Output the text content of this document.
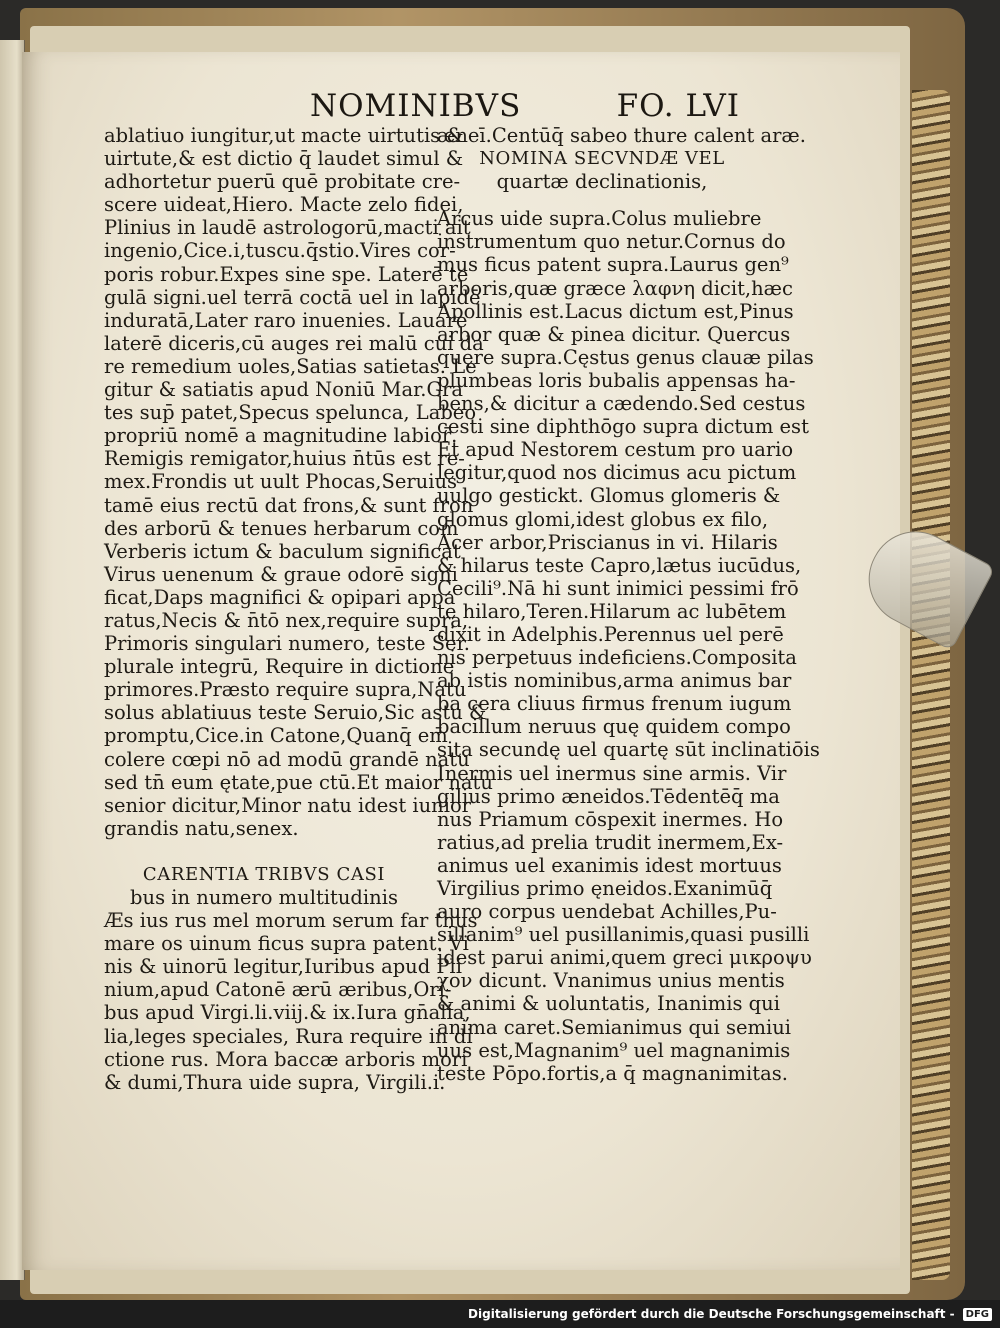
NOMINIBVS	FO. LVI
ablatiuo iungitur,ut macte uirtutis &
uirtute,& est dictio q̄ laudet simul &
adhortetur puerū quē probitate cre-
scere uideat,Hiero. Macte zelo fidei,
Plinius in laudē astrologorū,macti ait
ingenio,Cice.i,tuscu.q̄stio.Vires cor-
poris robur.Expes sine spe. Laterē te
gulā signi.uel terrā coctā uel in lapidē
induratā,Later raro inuenies. Lauare
laterē diceris,cū auges rei malū cui da
re remedium uoles,Satias satietas. Le
gitur & satiatis apud Noniū Mar.Gra
tes sup̄ patet,Specus spelunca, Labeo
propriū nomē a magnitudine labior̄.
Remigis remigator,huius n̄tūs est re-
mex.Frondis ut uult Phocas,Seruius
tamē eius rectū dat frons,& sunt fron
des arborū & tenues herbarum com̄
Verberis ictum & baculum significat
Virus uenenum & graue odorē signi
ficat,Daps magnifici & opipari appa
ratus,Necis & n̄tō nex,require supra,
Primoris singulari numero, teste Ser.
plurale integrū, Require in dictione
primores.Præsto require supra,Natu
solus ablatiuus teste Seruio,Sic astu &
promptu,Cice.in Catone,Quanq̄ em̄
colere cœpi nō ad modū grandē natu
sed tn̄ eum ętate,pue ctū.Et maior natu
senior dicitur,Minor natu idest iunior
grandis natu,senex.
CARENTIA TRIBVS CASI
bus in numero multitudinis
Æs ius rus mel morum serum far thus
mare os uinum ficus supra patent. Vi
nis & uinorū legitur,Iuribus apud Pli
nium,apud Catonē ærū æribus,Ori-
bus apud Virgi.li.viij.& ix.Iura gn̄alia,
lia,leges speciales, Rura require in di
ctione rus. Mora baccæ arboris mori
& dumi,Thura uide supra, Virgili.i.
æneī.Centūq̄ sabeo thure calent aræ.
NOMINA SECVNDÆ VEL
quartæ declinationis,
Arcus uide supra.Colus muliebre
instrumentum quo netur.Cornus do
mus ficus patent supra.Laurus gen⁹
arboris,quæ græce λαφνη dicit,hæc
Apollinis est.Lacus dictum est,Pinus
arbor quæ & pinea dicitur. Quercus
quęre supra.Cęstus genus clauæ pilas
plumbeas loris bubalis appensas ha-
bens,& dicitur a cædendo.Sed cestus
cesti sine diphthōgo supra dictum est
Et apud Nestorem cestum pro uario
legitur,quod nos dicimus acu pictum
uulgo gestickt. Glomus glomeris &
glomus glomi,idest globus ex filo,
Acer arbor,Priscianus in vi. Hilaris
& hilarus teste Capro,lætus iucūdus,
Cecili⁹.Nā hi sunt inimici pessimi frō
te hilaro,Teren.Hilarum ac lubētem
dixit in Adelphis.Perennus uel perē
nis perpetuus indeficiens.Composita
ab istis nominibus,arma animus bar
ba cera cliuus firmus frenum iugum
bacillum neruus quę quidem compo
sita secundę uel quartę sūt inclinatiōis
Inermis uel inermus sine armis. Vir
gilius primo æneidos.Tēdentēq̄ ma
nus Priamum cōspexit inermes. Ho
ratius,ad prelia trudit inermem,Ex-
animus uel exanimis idest mortuus
Virgilius primo ęneidos.Exanimūq̄
auro corpus uendebat Achilles,Pu-
sillanim⁹ uel pusillanimis,quasi pusilli
idest parui animi,quem greci μικροψυ
χον dicunt. Vnanimus unius mentis
& animi & uoluntatis, Inanimis qui
anima caret.Semianimus qui semiui
uus est,Magnanim⁹ uel magnanimis
teste Pōpo.fortis,a q̄ magnanimitas.
Digitalisierung gefördert durch die Deutsche Forschungsgemeinschaft -	DFG
